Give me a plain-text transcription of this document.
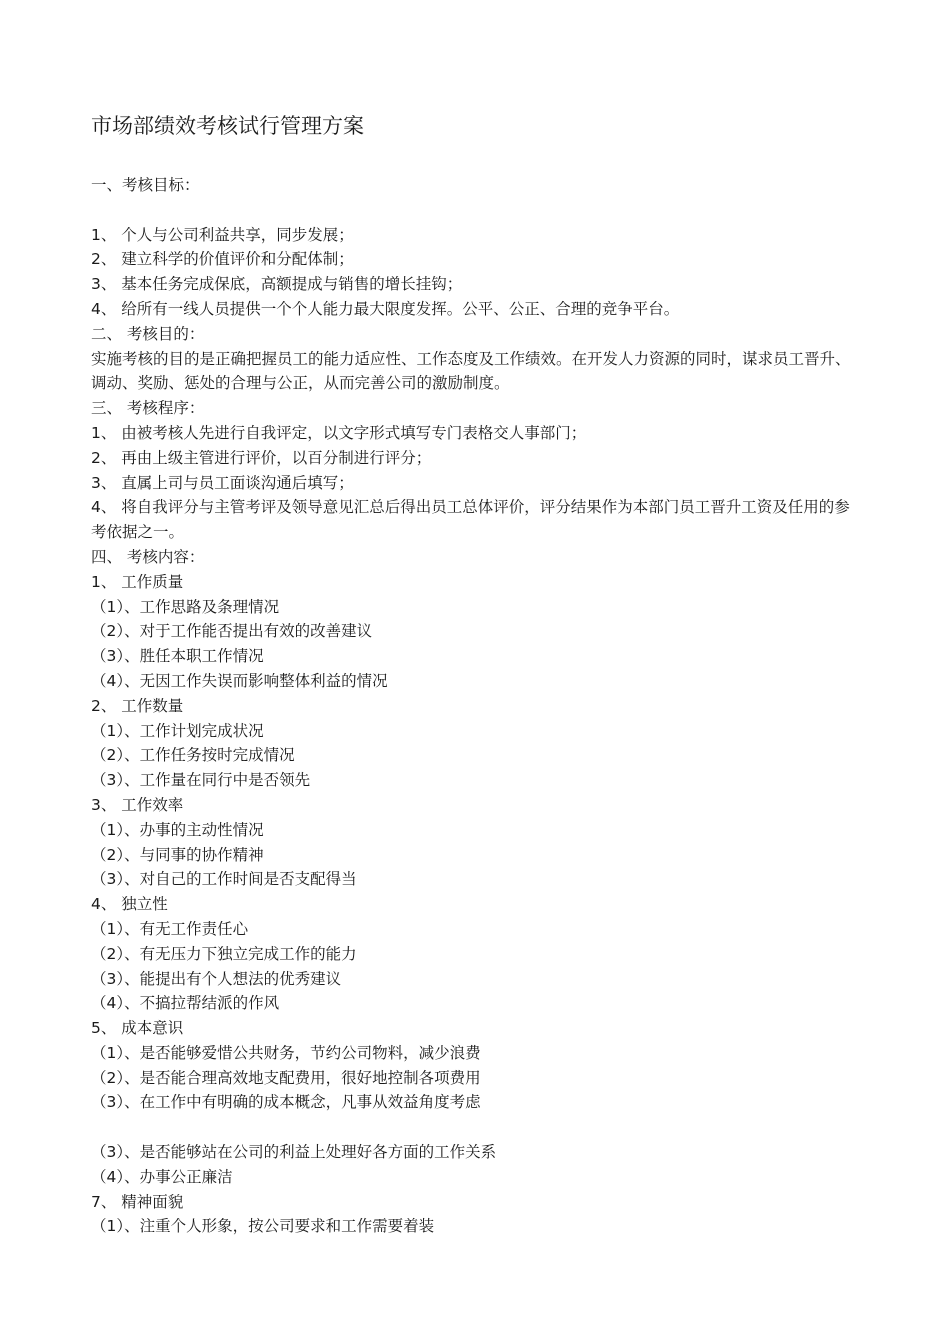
市场部绩效考核试行管理方案
一、考核目标：
1、 个人与公司利益共享，同步发展；
2、 建立科学的价值评价和分配体制；
3、 基本任务完成保底，高额提成与销售的增长挂钩；
4、 给所有一线人员提供一个个人能力最大限度发挥。公平、公正、合理的竞争平台。
二、 考核目的：
实施考核的目的是正确把握员工的能力适应性、工作态度及工作绩效。在开发人力资源的同时，谋求员工晋升、调动、奖励、惩处的合理与公正，从而完善公司的激励制度。
三、 考核程序：
1、 由被考核人先进行自我评定，以文字形式填写专门表格交人事部门；
2、 再由上级主管进行评价，以百分制进行评分；
3、 直属上司与员工面谈沟通后填写；
4、 将自我评分与主管考评及领导意见汇总后得出员工总体评价，评分结果作为本部门员工晋升工资及任用的参考依据之一。
四、 考核内容：
1、 工作质量
（1）、工作思路及条理情况
（2）、对于工作能否提出有效的改善建议
（3）、胜任本职工作情况
（4）、无因工作失误而影响整体利益的情况
2、 工作数量
（1）、工作计划完成状况
（2）、工作任务按时完成情况
（3）、工作量在同行中是否领先
3、 工作效率
（1）、办事的主动性情况
（2）、与同事的协作精神
（3）、对自己的工作时间是否支配得当
4、 独立性
（1）、有无工作责任心
（2）、有无压力下独立完成工作的能力
（3）、能提出有个人想法的优秀建议
（4）、不搞拉帮结派的作风
5、 成本意识
（1）、是否能够爱惜公共财务，节约公司物料，减少浪费
（2）、是否能合理高效地支配费用，很好地控制各项费用
（3）、在工作中有明确的成本概念，凡事从效益角度考虑
（3）、是否能够站在公司的利益上处理好各方面的工作关系
（4）、办事公正廉洁
7、 精神面貌
（1）、注重个人形象，按公司要求和工作需要着装
